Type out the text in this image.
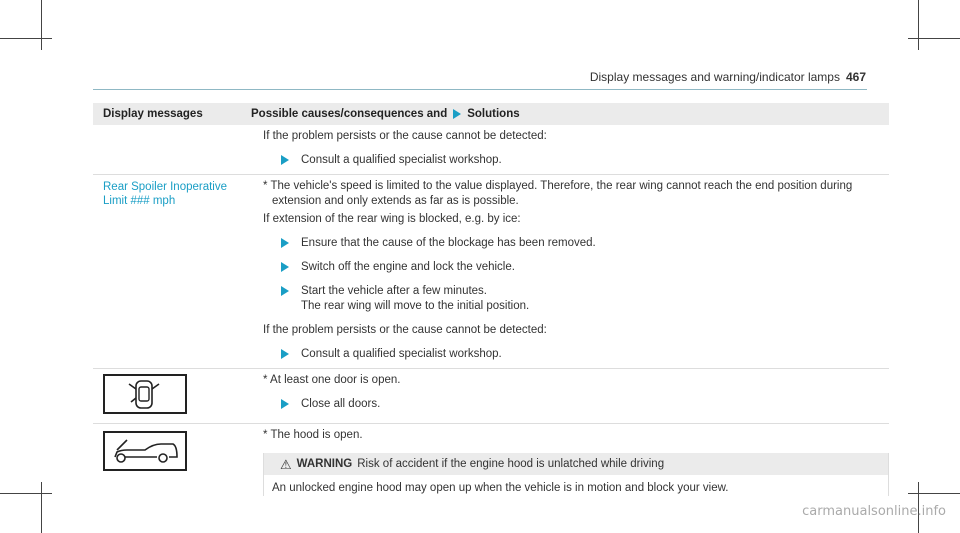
Display messages and warning/indicator lamps 467
Display messages	Possible causes/consequences and Solutions

If the problem persists or the cause cannot be detected:

Consult a qualified specialist workshop.
Rear Spoiler Inoperative
Limit ### mph

* The vehicle's speed is limited to the value displayed. Therefore, the rear wing cannot reach the end position during

extension and only extends as far as is possible.

If extension of the rear wing is blocked, e.g. by ice:

Ensure that the cause of the blockage has been removed.
Switch off the engine and lock the vehicle.
Start the vehicle after a few minutes.
The rear wing will move to the initial position.

If the problem persists or the cause cannot be detected:

Consult a qualified specialist workshop.

* At least one door is open.

Close all doors.

* The hood is open.

⚠ WARNING Risk of accident if the engine hood is unlatched while driving
An unlocked engine hood may open up when the vehicle is in motion and block your view.
carmanualsonline.info
